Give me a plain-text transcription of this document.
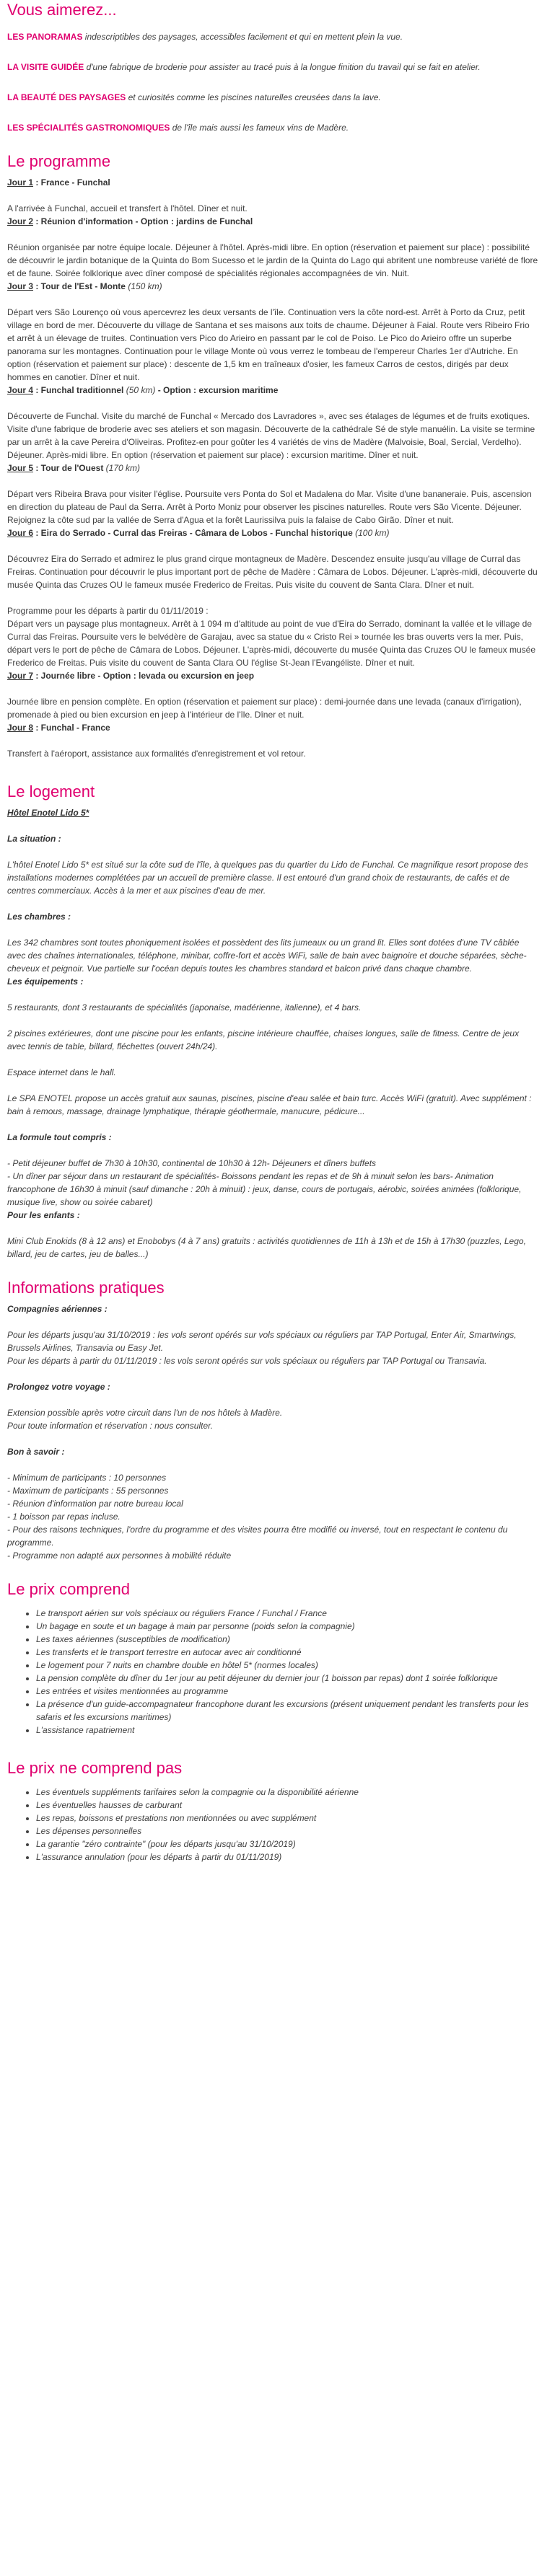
Vous aimerez...

LES PANORAMAS indescriptibles des paysages, accessibles facilement et qui en mettent plein la vue.

LA VISITE GUIDÉE d'une fabrique de broderie pour assister au tracé puis à la longue finition du travail qui se fait en atelier.

LA BEAUTÉ DES PAYSAGES et curiosités comme les piscines naturelles creusées dans la lave.

LES SPÉCIALITÉS GASTRONOMIQUES de l'île mais aussi les fameux vins de Madère.

Le programme

Jour 1 : France - Funchal

A l'arrivée à Funchal, accueil et transfert à l'hôtel. Dîner et nuit.

Jour 2 : Réunion d'information - Option : jardins de Funchal

Réunion organisée par notre équipe locale. Déjeuner à l'hôtel. Après-midi libre. En option (réservation et paiement sur place) : possibilité de découvrir le jardin botanique de la Quinta do Bom Sucesso et le jardin de la Quinta do Lago qui abritent une nombreuse variété de flore et de faune. Soirée folklorique avec dîner composé de spécialités régionales accompagnées de vin. Nuit.

Jour 3 : Tour de l'Est - Monte (150 km)

Départ vers São Lourenço où vous apercevrez les deux versants de l'île. Continuation vers la côte nord-est. Arrêt à Porto da Cruz, petit village en bord de mer. Découverte du village de Santana et ses maisons aux toits de chaume. Déjeuner à Faial. Route vers Ribeiro Frio et arrêt à un élevage de truites. Continuation vers Pico do Arieiro en passant par le col de Poiso. Le Pico do Arieiro offre un superbe panorama sur les montagnes. Continuation pour le village Monte où vous verrez le tombeau de l'empereur Charles 1er d'Autriche. En option (réservation et paiement sur place) : descente de 1,5 km en traîneaux d'osier, les fameux Carros de cestos, dirigés par deux hommes en canotier. Dîner et nuit.

Jour 4 : Funchal traditionnel (50 km) - Option : excursion maritime

Découverte de Funchal. Visite du marché de Funchal « Mercado dos Lavradores », avec ses étalages de légumes et de fruits exotiques. Visite d'une fabrique de broderie avec ses ateliers et son magasin. Découverte de la cathédrale Sé de style manuélin. La visite se termine par un arrêt à la cave Pereira d'Oliveiras. Profitez-en pour goûter les 4 variétés de vins de Madère (Malvoisie, Boal, Sercial, Verdelho). Déjeuner. Après-midi libre. En option (réservation et paiement sur place) : excursion maritime. Dîner et nuit.

Jour 5 : Tour de l'Ouest (170 km)

Départ vers Ribeira Brava pour visiter l'église. Poursuite vers Ponta do Sol et Madalena do Mar. Visite d'une bananeraie. Puis, ascension en direction du plateau de Paul da Serra. Arrêt à Porto Moniz pour observer les piscines naturelles. Route vers São Vicente. Déjeuner. Rejoignez la côte sud par la vallée de Serra d'Agua et la forêt Laurissilva puis la falaise de Cabo Girão. Dîner et nuit.

Jour 6 : Eira do Serrado - Curral das Freiras - Câmara de Lobos - Funchal historique (100 km)

Découvrez Eira do Serrado et admirez le plus grand cirque montagneux de Madère. Descendez ensuite jusqu'au village de Curral das Freiras. Continuation pour découvrir le plus important port de pêche de Madère : Câmara de Lobos. Déjeuner. L'après-midi, découverte du musée Quinta das Cruzes OU le fameux musée Frederico de Freitas. Puis visite du couvent de Santa Clara. Dîner et nuit.

Programme pour les départs à partir du 01/11/2019 :
Départ vers un paysage plus montagneux. Arrêt à 1 094 m d'altitude au point de vue d'Eira do Serrado, dominant la vallée et le village de Curral das Freiras. Poursuite vers le belvédère de Garajau, avec sa statue du « Cristo Rei » tournée les bras ouverts vers la mer. Puis, départ vers le port de pêche de Câmara de Lobos. Déjeuner. L'après-midi, découverte du musée Quinta das Cruzes OU le fameux musée Frederico de Freitas. Puis visite du couvent de Santa Clara OU l'église St-Jean l'Evangéliste. Dîner et nuit.

Jour 7 : Journée libre - Option : levada ou excursion en jeep

Journée libre en pension complète. En option (réservation et paiement sur place) : demi-journée dans une levada (canaux d'irrigation), promenade à pied ou bien excursion en jeep à l'intérieur de l'île. Dîner et nuit.

Jour 8 : Funchal - France

Transfert à l'aéroport, assistance aux formalités d'enregistrement et vol retour.

Le logement

Hôtel Enotel Lido 5*

La situation :

L'hôtel Enotel Lido 5* est situé sur la côte sud de l'île, à quelques pas du quartier du Lido de Funchal. Ce magnifique resort propose des installations modernes complétées par un accueil de première classe. Il est entouré d'un grand choix de restaurants, de cafés et de centres commerciaux. Accès à la mer et aux piscines d'eau de mer.

Les chambres :

Les 342 chambres sont toutes phoniquement isolées et possèdent des lits jumeaux ou un grand lit. Elles sont dotées d'une TV câblée avec des chaînes internationales, téléphone, minibar, coffre-fort et accès WiFi, salle de bain avec baignoire et douche séparées, sèche-cheveux et peignoir. Vue partielle sur l'océan depuis toutes les chambres standard et balcon privé dans chaque chambre.

Les équipements :

5 restaurants, dont 3 restaurants de spécialités (japonaise, madérienne, italienne), et 4 bars.

2 piscines extérieures, dont une piscine pour les enfants, piscine intérieure chauffée, chaises longues, salle de fitness. Centre de jeux avec tennis de table, billard, fléchettes (ouvert 24h/24).

Espace internet dans le hall.

Le SPA ENOTEL propose un accès gratuit aux saunas, piscines, piscine d'eau salée et bain turc. Accès WiFi (gratuit). Avec supplément : bain à remous, massage, drainage lymphatique, thérapie géothermale, manucure, pédicure...

La formule tout compris :

- Petit déjeuner buffet de 7h30 à 10h30, continental de 10h30 à 12h- Déjeuners et dîners buffets
- Un dîner par séjour dans un restaurant de spécialités- Boissons pendant les repas et de 9h à minuit selon les bars- Animation francophone de 16h30 à minuit (sauf dimanche : 20h à minuit) : jeux, danse, cours de portugais, aérobic, soirées animées (folklorique, musique live, show ou soirée cabaret)

Pour les enfants :

Mini Club Enokids (8 à 12 ans) et Enobobys (4 à 7 ans) gratuits : activités quotidiennes de 11h à 13h et de 15h à 17h30 (puzzles, Lego, billard, jeu de cartes, jeu de balles...)

Informations pratiques

Compagnies aériennes :

Pour les départs jusqu'au 31/10/2019 : les vols seront opérés sur vols spéciaux ou réguliers par TAP Portugal, Enter Air, Smartwings, Brussels Airlines, Transavia ou Easy Jet.
Pour les départs à partir du 01/11/2019 : les vols seront opérés sur vols spéciaux ou réguliers par TAP Portugal ou Transavia.

Prolongez votre voyage :

Extension possible après votre circuit dans l'un de nos hôtels à Madère.
Pour toute information et réservation : nous consulter.

Bon à savoir :

- Minimum de participants : 10 personnes
- Maximum de participants : 55 personnes
- Réunion d'information par notre bureau local
- 1 boisson par repas incluse.
- Pour des raisons techniques, l'ordre du programme et des visites pourra être modifié ou inversé, tout en respectant le contenu du programme.
- Programme non adapté aux personnes à mobilité réduite

Le prix comprend
• Le transport aérien sur vols spéciaux ou réguliers France / Funchal / France
• Un bagage en soute et un bagage à main par personne (poids selon la compagnie)
• Les taxes aériennes (susceptibles de modification)
• Les transferts et le transport terrestre en autocar avec air conditionné
• Le logement pour 7 nuits en chambre double en hôtel 5* (normes locales)
• La pension complète du dîner du 1er jour au petit déjeuner du dernier jour (1 boisson par repas) dont 1 soirée folklorique
• Les entrées et visites mentionnées au programme
• La présence d'un guide-accompagnateur francophone durant les excursions (présent uniquement pendant les transferts pour les safaris et les excursions maritimes)
• L'assistance rapatriement
Le prix ne comprend pas
• Les éventuels suppléments tarifaires selon la compagnie ou la disponibilité aérienne
• Les éventuelles hausses de carburant
• Les repas, boissons et prestations non mentionnées ou avec supplément
• Les dépenses personnelles
• La garantie "zéro contrainte" (pour les départs jusqu'au 31/10/2019)
• L'assurance annulation (pour les départs à partir du 01/11/2019)
